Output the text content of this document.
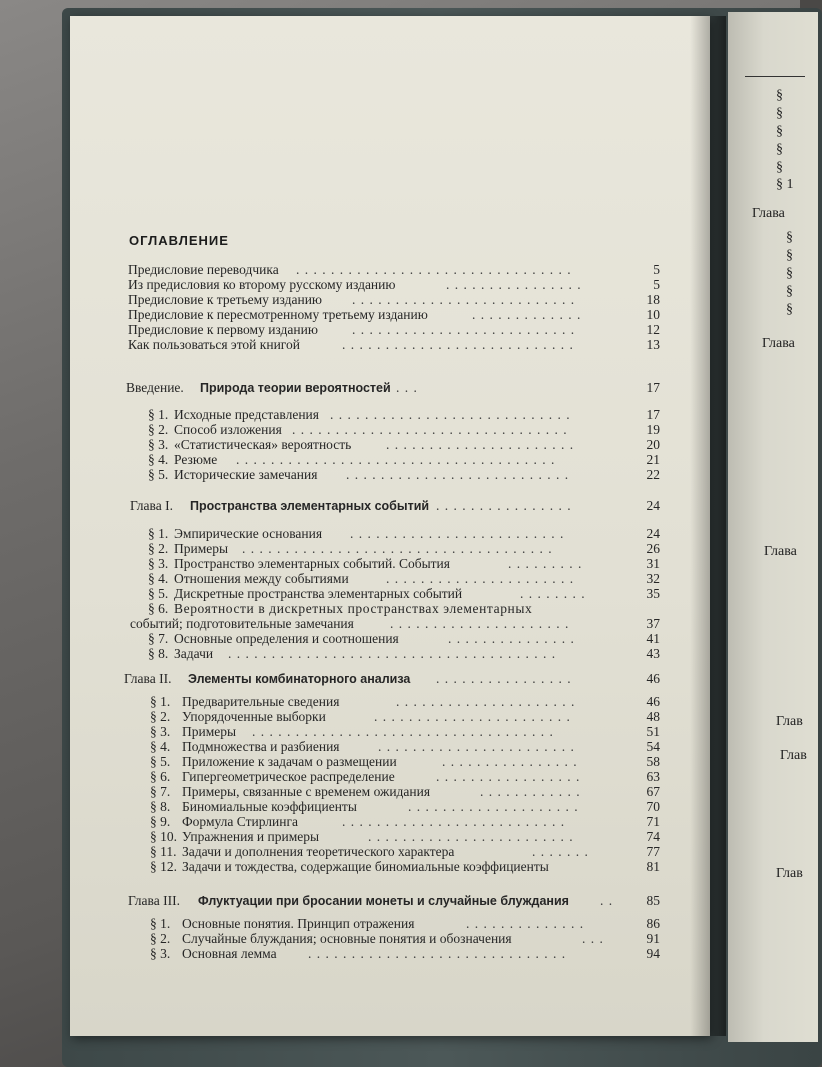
§
§
§
§
§
§ 1
Глава
§
§
§
§
§
Глава
Глава
Глав
Глав
Глав
ОГЛАВЛЕНИЕ
Предисловие переводчика . . . . . . . . . . . . . . . . . . . . . . . . . . . . . . . .	5
Из предисловия ко второму русскому изданию	. . . . . . . . . . . . . . . .	5
Предисловие к третьему изданию . . . . . . . . . . . . . . . . . . . . . . . . . .	18
Предисловие к пересмотренному третьему изданию	. . . . . . . . . . . . .	10
Предисловие к первому изданию	. . . . . . . . . . . . . . . . . . . . . . . . . .	12
Как пользоваться этой книгой	. . . . . . . . . . . . . . . . . . . . . . . . . . .	13
Введение. Природа теории вероятностей . . .	17
§ 1. Исходные представления . . . . . . . . . . . . . . . . . . . . . . . . . . . .	17
§ 2. Способ изложения . . . . . . . . . . . . . . . . . . . . . . . . . . . . . . . .	19
§ 3. «Статистическая» вероятность	. . . . . . . . . . . . . . . . . . . . . .	20
§ 4. Резюме . . . . . . . . . . . . . . . . . . . . . . . . . . . . . . . . . . . . .	21
§ 5. Исторические замечания . . . . . . . . . . . . . . . . . . . . . . . . . .	22
Глава I. Пространства элементарных событий . . . . . . . . . . . . . . . .	24
§ 1. Эмпирические основания . . . . . . . . . . . . . . . . . . . . . . . . .	24
§ 2. Примеры . . . . . . . . . . . . . . . . . . . . . . . . . . . . . . . . . . . .	26
§ 3. Пространство элементарных событий. События	. . . . . . . . .	31
§ 4. Отношения между событиями	. . . . . . . . . . . . . . . . . . . . . .	32
§ 5. Дискретные пространства элементарных событий	. . . . . . . .	35
§ 6. Вероятности в дискретных пространствах элементарных
событий; подготовительные замечания	. . . . . . . . . . . . . . . . . . . . .	37
§ 7. Основные определения и соотношения	. . . . . . . . . . . . . . .	41
§ 8. Задачи . . . . . . . . . . . . . . . . . . . . . . . . . . . . . . . . . . . . . .	43
Глава II. Элементы комбинаторного анализа . . . . . . . . . . . . . . . .	46
§ 1. Предварительные сведения	. . . . . . . . . . . . . . . . . . . . .	46
§ 2. Упорядоченные выборки	. . . . . . . . . . . . . . . . . . . . . . .	48
§ 3. Примеры . . . . . . . . . . . . . . . . . . . . . . . . . . . . . . . . . . .	51
§ 4. Подмножества и разбиения	. . . . . . . . . . . . . . . . . . . . . . .	54
§ 5. Приложение к задачам о размещении	. . . . . . . . . . . . . . . .	58
§ 6. Гипергеометрическое распределение	. . . . . . . . . . . . . . . . .	63
§ 7. Примеры, связанные с временем ожидания	. . . . . . . . . . . .	67
§ 8. Биномиальные коэффициенты	. . . . . . . . . . . . . . . . . . . .	70
§ 9. Формула Стирлинга	. . . . . . . . . . . . . . . . . . . . . . . . . .	71
§ 10. Упражнения и примеры	. . . . . . . . . . . . . . . . . . . . . . . .	74
§ 11. Задачи и дополнения теоретического характера	. . . . . . .	77
§ 12. Задачи и тождества, содержащие биномиальные коэффициенты	81
Глава III. Флуктуации при бросании монеты и случайные блуждания . .	85
§ 1. Основные понятия. Принцип отражения	. . . . . . . . . . . . . .	86
§ 2. Случайные блуждания; основные понятия и обозначения	. . .	91
§ 3. Основная лемма . . . . . . . . . . . . . . . . . . . . . . . . . . . . . .	94
